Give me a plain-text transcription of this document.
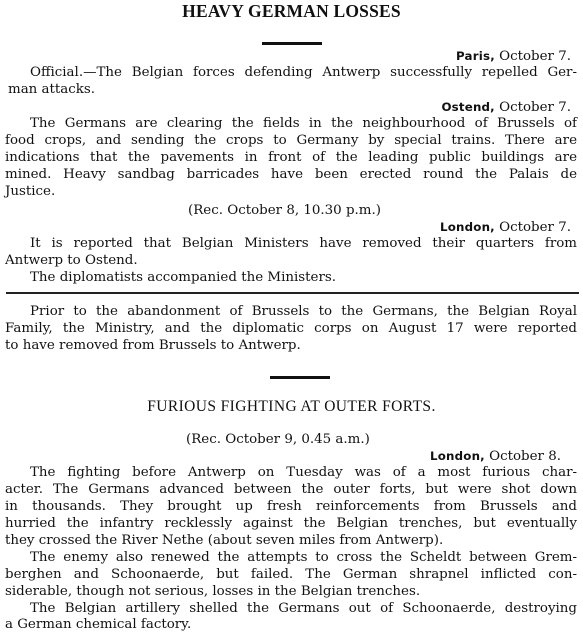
HEAVY GERMAN LOSSES
Paris, October 7.
Official.—The Belgian forces defending Antwerp successfully repelled Ger-
man attacks.
Ostend, October 7.
The Germans are clearing the fields in the neighbourhood of Brussels of
food crops, and sending the crops to Germany by special trains. There are
indications that the pavements in front of the leading public buildings are
mined. Heavy sandbag barricades have been erected round the Palais de
Justice.
(Rec. October 8, 10.30 p.m.)
London, October 7.
It is reported that Belgian Ministers have removed their quarters from
Antwerp to Ostend.
The diplomatists accompanied the Ministers.
Prior to the abandonment of Brussels to the Germans, the Belgian Royal
Family, the Ministry, and the diplomatic corps on August 17 were reported
to have removed from Brussels to Antwerp.
FURIOUS FIGHTING AT OUTER FORTS.
(Rec. October 9, 0.45 a.m.)
London, October 8.
The fighting before Antwerp on Tuesday was of a most furious char-
acter. The Germans advanced between the outer forts, but were shot down
in thousands. They brought up fresh reinforcements from Brussels and
hurried the infantry recklessly against the Belgian trenches, but eventually
they crossed the River Nethe (about seven miles from Antwerp).
The enemy also renewed the attempts to cross the Scheldt between Grem-
berghen and Schoonaerde, but failed. The German shrapnel inflicted con-
siderable, though not serious, losses in the Belgian trenches.
The Belgian artillery shelled the Germans out of Schoonaerde, destroying
a German chemical factory.
